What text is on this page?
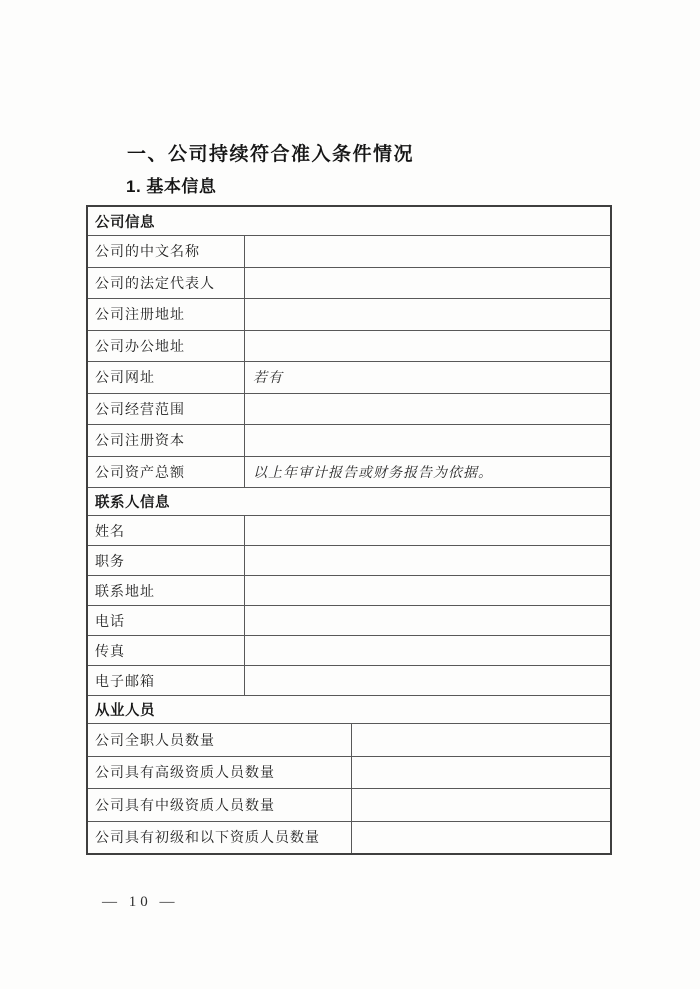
一、公司持续符合准入条件情况
1. 基本信息
公司信息
公司的中文名称
公司的法定代表人
公司注册地址
公司办公地址
公司网址	若有
公司经营范围
公司注册资本
公司资产总额	以上年审计报告或财务报告为依据。
联系人信息
姓名
职务
联系地址
电话
传真
电子邮箱
从业人员
公司全职人员数量
公司具有高级资质人员数量
公司具有中级资质人员数量
公司具有初级和以下资质人员数量
— 10 —
